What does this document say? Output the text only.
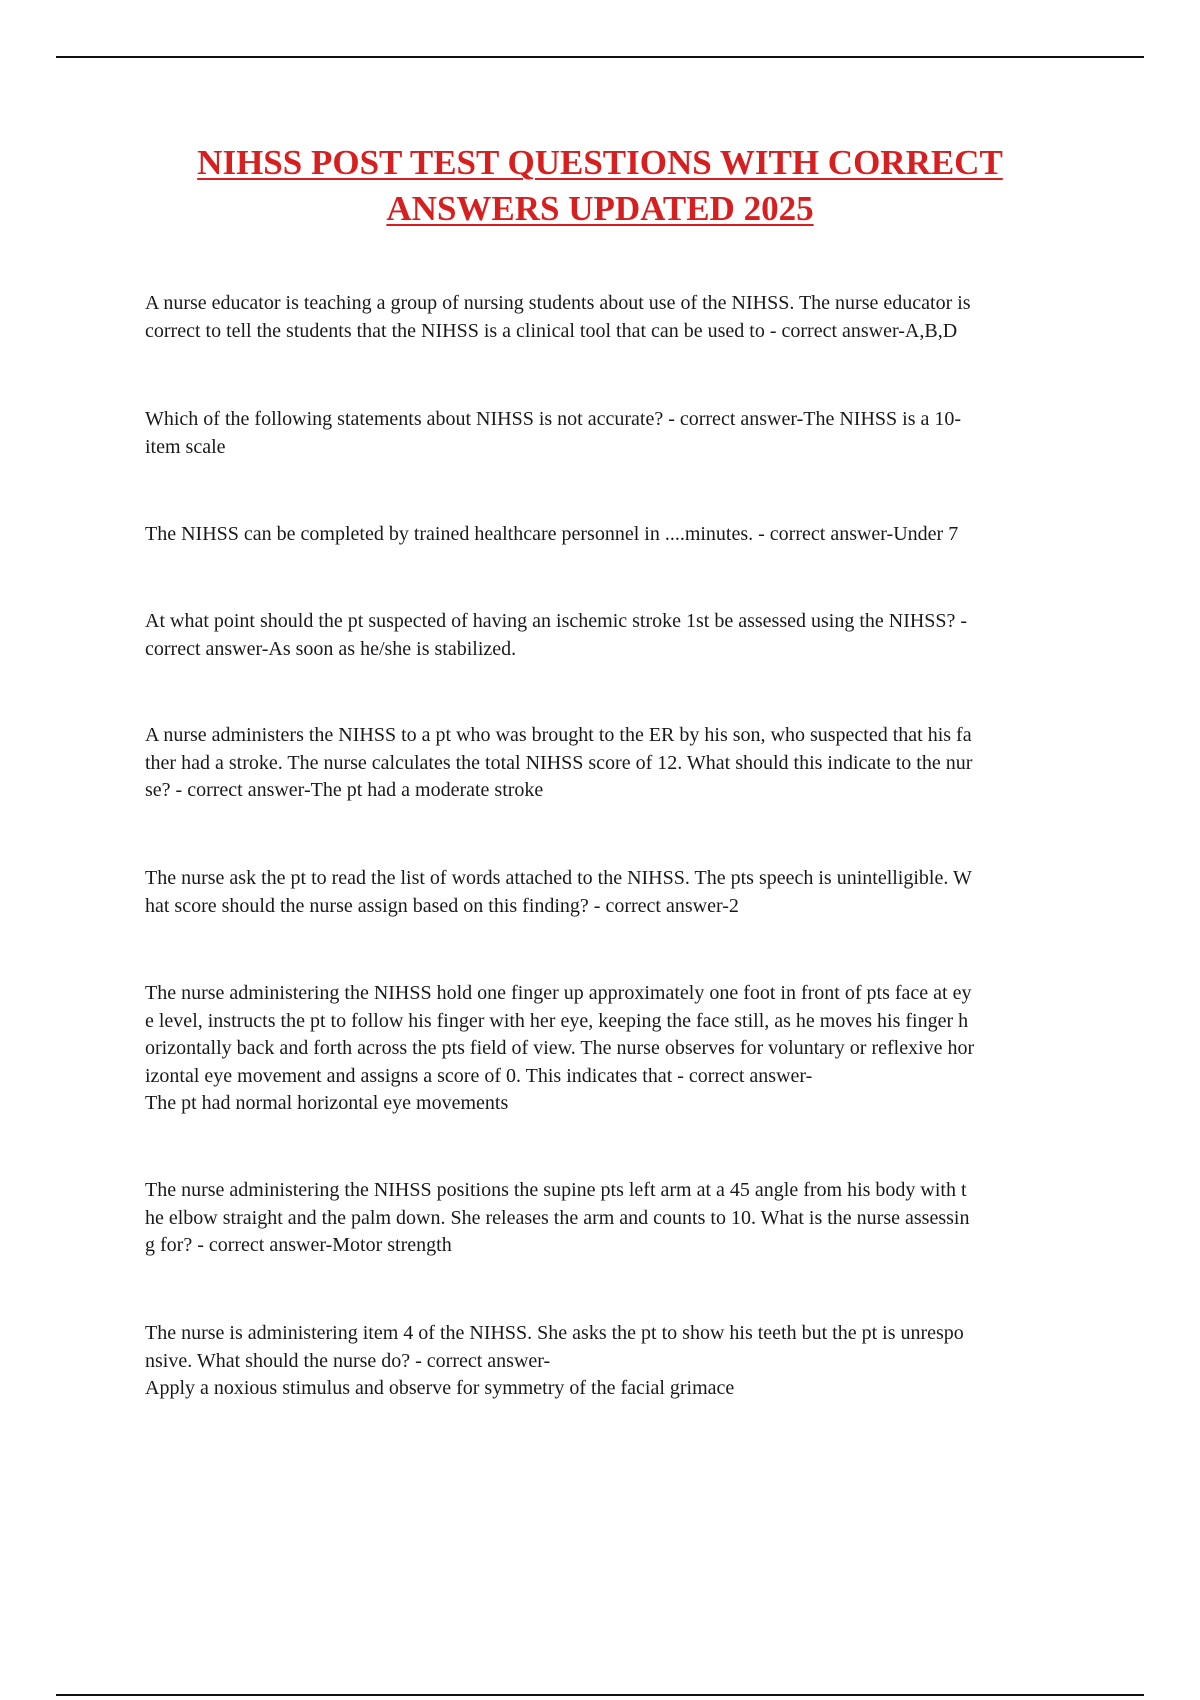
NIHSS POST TEST QUESTIONS WITH CORRECT
ANSWERS UPDATED 2025
A nurse educator is teaching a group of nursing students about use of the NIHSS. The nurse educator is
correct to tell the students that the NIHSS is a clinical tool that can be used to - correct answer-A,B,D
Which of the following statements about NIHSS is not accurate? - correct answer-The NIHSS is a 10-
item scale
The NIHSS can be completed by trained healthcare personnel in ....minutes. - correct answer-Under 7
At what point should the pt suspected of having an ischemic stroke 1st be assessed using the NIHSS? -
correct answer-As soon as he/she is stabilized.
A nurse administers the NIHSS to a pt who was brought to the ER by his son, who suspected that his fa
ther had a stroke. The nurse calculates the total NIHSS score of 12. What should this indicate to the nur
se? - correct answer-The pt had a moderate stroke
The nurse ask the pt to read the list of words attached to the NIHSS. The pts speech is unintelligible. W
hat score should the nurse assign based on this finding? - correct answer-2
The nurse administering the NIHSS hold one finger up approximately one foot in front of pts face at ey
e level, instructs the pt to follow his finger with her eye, keeping the face still, as he moves his finger h
orizontally back and forth across the pts field of view. The nurse observes for voluntary or reflexive hor
izontal eye movement and assigns a score of 0. This indicates that - correct answer-
The pt had normal horizontal eye movements
The nurse administering the NIHSS positions the supine pts left arm at a 45 angle from his body with t
he elbow straight and the palm down. She releases the arm and counts to 10. What is the nurse assessin
g for? - correct answer-Motor strength
The nurse is administering item 4 of the NIHSS. She asks the pt to show his teeth but the pt is unrespo
nsive. What should the nurse do? - correct answer-
Apply a noxious stimulus and observe for symmetry of the facial grimace
